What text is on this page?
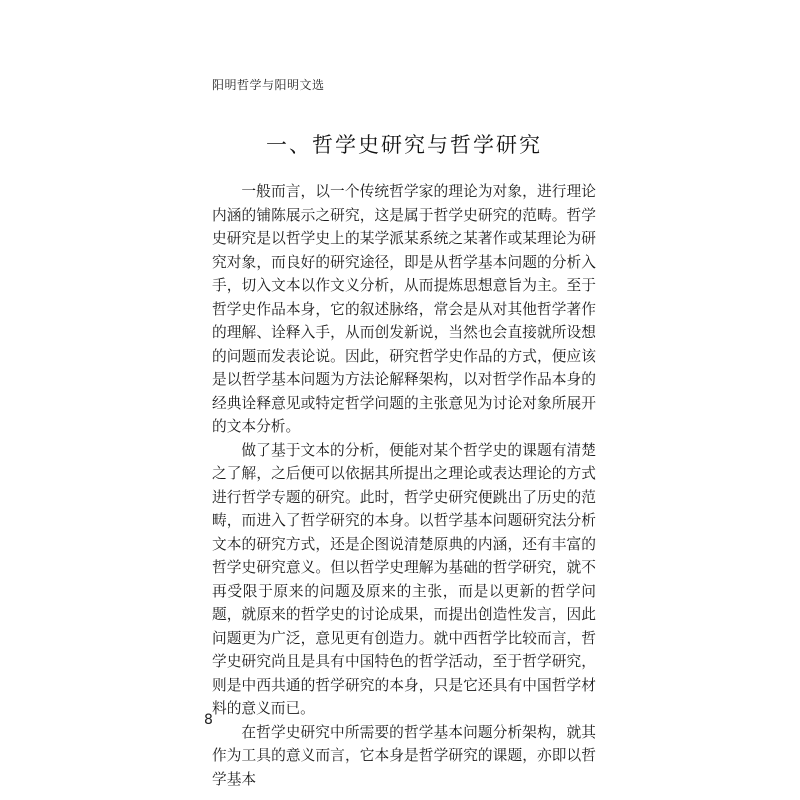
阳明哲学与阳明文选
一、哲学史研究与哲学研究

一般而言，以一个传统哲学家的理论为对象，进行理论内涵的铺陈展示之研究，这是属于哲学史研究的范畴。哲学史研究是以哲学史上的某学派某系统之某著作或某理论为研究对象，而良好的研究途径，即是从哲学基本问题的分析入手，切入文本以作文义分析，从而提炼思想意旨为主。至于哲学史作品本身，它的叙述脉络，常会是从对其他哲学著作的理解、诠释入手，从而创发新说，当然也会直接就所设想的问题而发表论说。因此，研究哲学史作品的方式，便应该是以哲学基本问题为方法论解释架构，以对哲学作品本身的经典诠释意见或特定哲学问题的主张意见为讨论对象所展开的文本分析。

做了基于文本的分析，便能对某个哲学史的课题有清楚之了解，之后便可以依据其所提出之理论或表达理论的方式进行哲学专题的研究。此时，哲学史研究便跳出了历史的范畴，而进入了哲学研究的本身。以哲学基本问题研究法分析文本的研究方式，还是企图说清楚原典的内涵，还有丰富的哲学史研究意义。但以哲学史理解为基础的哲学研究，就不再受限于原来的问题及原来的主张，而是以更新的哲学问题，就原来的哲学史的讨论成果，而提出创造性发言，因此问题更为广泛，意见更有创造力。就中西哲学比较而言，哲学史研究尚且是具有中国特色的哲学活动，至于哲学研究，则是中西共通的哲学研究的本身，只是它还具有中国哲学材料的意义而已。

在哲学史研究中所需要的哲学基本问题分析架构，就其作为工具的意义而言，它本身是哲学研究的课题，亦即以哲学基本

8
